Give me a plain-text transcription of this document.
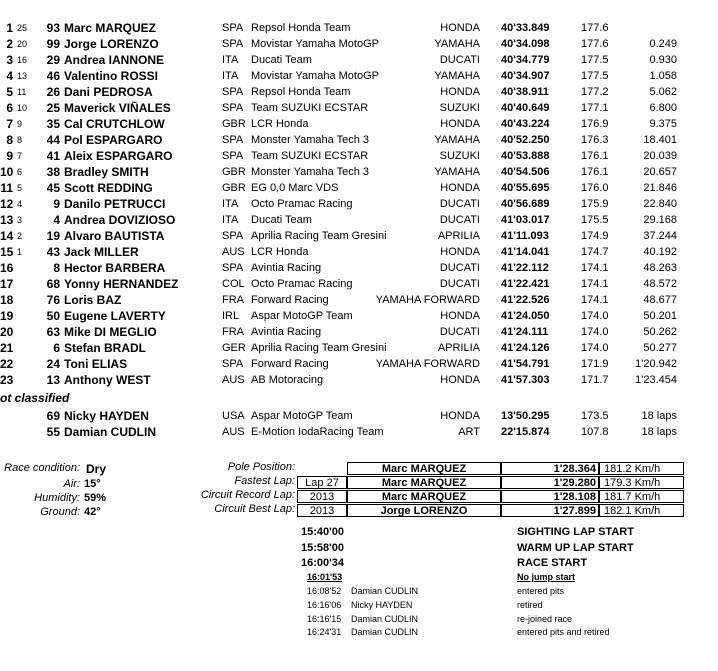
1 25	93 Marc MARQUEZ	SPA Repsol Honda Team	HONDA 40'33.849	177.6
2 20	99 Jorge LORENZO	SPA Movistar Yamaha MotoGP	YAMAHA 40'34.098	177.6	0.249
3 16	29 Andrea IANNONE	ITA Ducati Team	DUCATI 40'34.779	177.5	0.930
4 13	46 Valentino ROSSI	ITA Movistar Yamaha MotoGP	YAMAHA 40'34.907	177.5	1.058
5 11	26 Dani PEDROSA	SPA Repsol Honda Team	HONDA 40'38.911	177.2	5.062
6 10	25 Maverick VIÑALES	SPA Team SUZUKI ECSTAR	SUZUKI 40'40.649	177.1	6.800
7 9	35 Cal CRUTCHLOW	GBR LCR Honda	HONDA 40'43.224	176.9	9.375
8 8	44 Pol ESPARGARO	SPA Monster Yamaha Tech 3	YAMAHA 40'52.250	176.3	18.401
9 7	41 Aleix ESPARGARO	SPA Team SUZUKI ECSTAR	SUZUKI 40'53.888	176.1	20.039
10 6	38 Bradley SMITH	GBR Monster Yamaha Tech 3	YAMAHA 40'54.506	176.1	20.657
11 5	45 Scott REDDING	GBR EG 0,0 Marc VDS	HONDA 40'55.695	176.0	21.846
12 4	9 Danilo PETRUCCI	ITA Octo Pramac Racing	DUCATI 40'56.689	175.9	22.840
13 3	4 Andrea DOVIZIOSO	ITA Ducati Team	DUCATI 41'03.017	175.5	29.168
14 2	19 Alvaro BAUTISTA	SPA Aprilia Racing Team Gresini	APRILIA 41'11.093	174.9	37.244
15 1	43 Jack MILLER	AUS LCR Honda	HONDA 41'14.041	174.7	40.192
16	8 Hector BARBERA	SPA Avintia Racing	DUCATI 41'22.112	174.1	48.263
17	68 Yonny HERNANDEZ	COL Octo Pramac Racing	DUCATI 41'22.421	174.1	48.572
18	76 Loris BAZ	FRA Forward Racing	YAMAHA FORWARD 41'22.526	174.1	48.677
19	50 Eugene LAVERTY	IRL Aspar MotoGP Team	HONDA 41'24.050	174.0	50.201
20	63 Mike DI MEGLIO	FRA Avintia Racing	DUCATI 41'24.111	174.0	50.262
21	6 Stefan BRADL	GER Aprilia Racing Team Gresini	APRILIA 41'24.126	174.0	50.277
22	24 Toni ELIAS	SPA Forward Racing	YAMAHA FORWARD 41'54.791	171.9 1'20.942
23	13 Anthony WEST	AUS AB Motoracing	HONDA 41'57.303	171.7 1'23.454
ot classified
69 Nicky HAYDEN	USA Aspar MotoGP Team	HONDA 13'50.295	173.5	18 laps
55 Damian CUDLIN	AUS E-Motion IodaRacing Team	ART 22'15.874	107.8	18 laps
Race condition: Dry
Air: 15°
Humidity: 59%
Ground: 42°
Pole Position:	Marc MARQUEZ	1'28.364 181.2 Km/h
Fastest Lap: Lap 27	Marc MARQUEZ	1'29.280 179.3 Km/h
Circuit Record Lap:	2013	Marc MARQUEZ	1'28.108 181.7 Km/h
Circuit Best Lap:	2013	Jorge LORENZO	1'27.899 182.1 Km/h
15:40'00	SIGHTING LAP START
15:58'00	WARM UP LAP START
16:00'34	RACE START
16:01'53	No jump start
16:08'52 Damian CUDLIN	entered pits
16:16'06 Nicky HAYDEN	retired
16:16'15 Damian CUDLIN	re-joined race
16:24'31 Damian CUDLIN	entered pits and retired
